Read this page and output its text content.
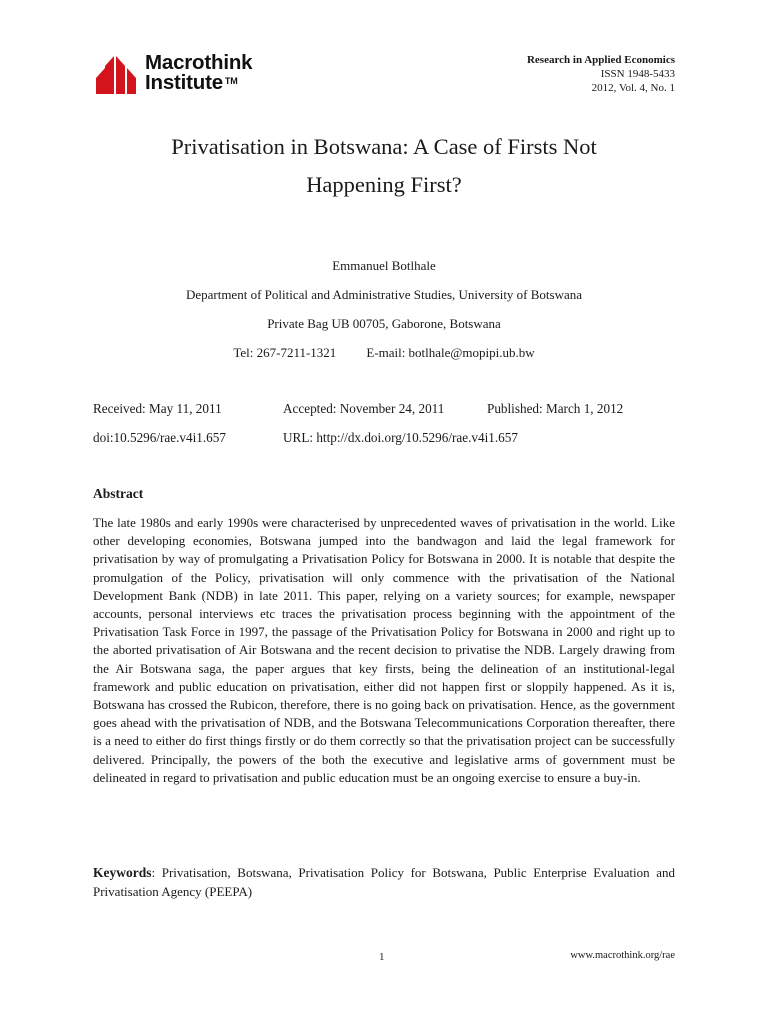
Macrothink
Institute ™
Research in Applied Economics
ISSN 1948-5433
2012, Vol. 4, No. 1
Privatisation in Botswana: A Case of Firsts Not
Happening First?
Emmanuel Botlhale
Department of Political and Administrative Studies, University of Botswana
Private Bag UB 00705, Gaborone, Botswana
Tel: 267-7211-1321 E-mail: botlhale@mopipi.ub.bw
Received: May 11, 2011	Accepted: November 24, 2011	Published: March 1, 2012
doi:10.5296/rae.v4i1.657	URL: http://dx.doi.org/10.5296/rae.v4i1.657
Abstract

The late 1980s and early 1990s were characterised by unprecedented waves of privatisation in the world. Like other developing economies, Botswana jumped into the bandwagon and laid the legal framework for privatisation by way of promulgating a Privatisation Policy for Botswana in 2000. It is notable that despite the promulgation of the Policy, privatisation will only commence with the privatisation of the National Development Bank (NDB) in late 2011. This paper, relying on a variety sources; for example, newspaper accounts, personal interviews etc traces the privatisation process beginning with the appointment of the Privatisation Task Force in 1997, the passage of the Privatisation Policy for Botswana in 2000 and right up to the aborted privatisation of Air Botswana and the recent decision to privatise the NDB. Largely drawing from the Air Botswana saga, the paper argues that key firsts, being the delineation of an institutional-legal framework and public education on privatisation, either did not happen first or sloppily happened. As it is, Botswana has crossed the Rubicon, therefore, there is no going back on privatisation. Hence, as the government goes ahead with the privatisation of NDB, and the Botswana Telecommunications Corporation thereafter, there is a need to either do first things firstly or do them correctly so that the privatisation project can be successfully delivered. Principally, the powers of the both the executive and legislative arms of government must be delineated in regard to privatisation and public education must be an ongoing exercise to ensure a buy-in.

Keywords: Privatisation, Botswana, Privatisation Policy for Botswana, Public Enterprise Evaluation and Privatisation Agency (PEEPA)

1	www.macrothink.org/rae
